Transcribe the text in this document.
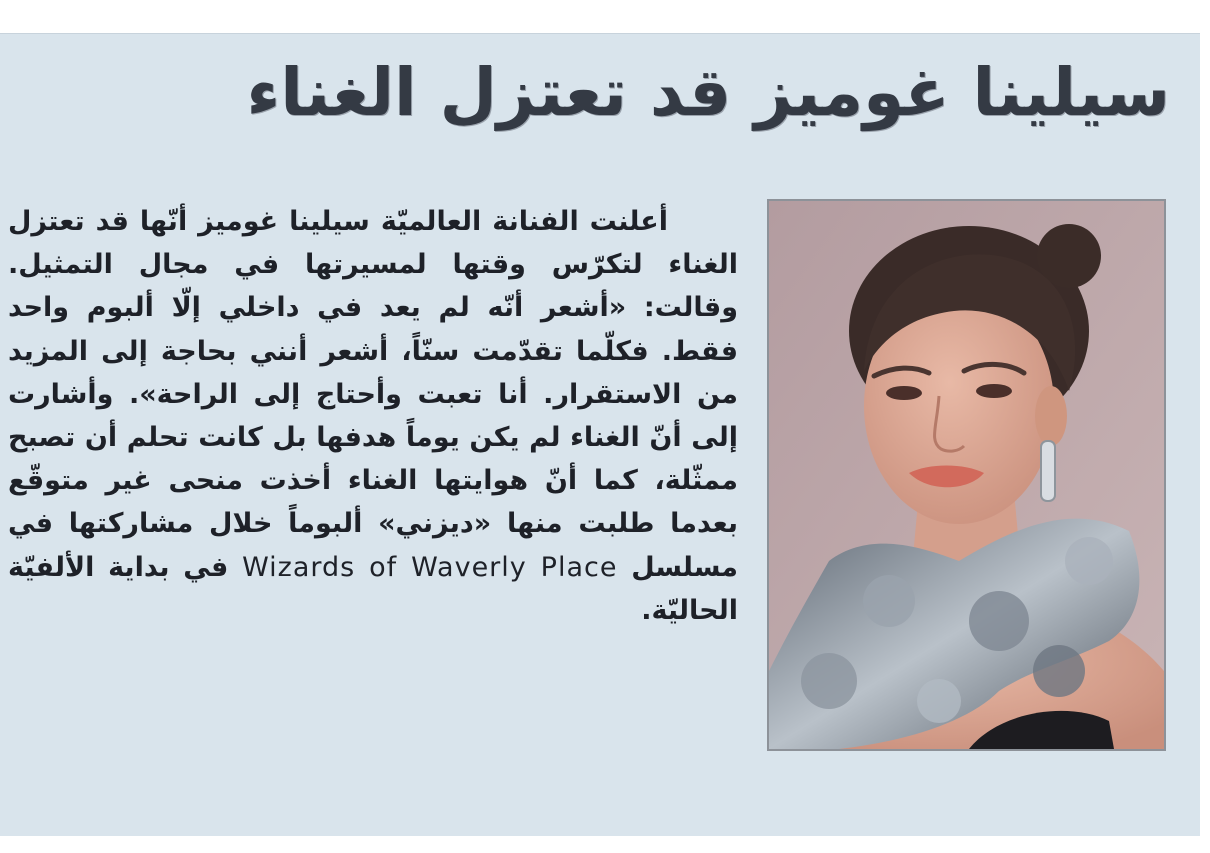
سيلينا غوميز قد تعتزل الغناء

أعلنت الفنانة العالميّة سيلينا غوميز أنّها قد تعتزل الغناء لتكرّس وقتها لمسيرتها في مجال التمثيل. وقالت: «أشعر أنّه لم يعد في داخلي إلّا ألبوم واحد فقط. فكلّما تقدّمت سنّاً، أشعر أنني بحاجة إلى المزيد من الاستقرار. أنا تعبت وأحتاج إلى الراحة». وأشارت إلى أنّ الغناء لم يكن يوماً هدفها بل كانت تحلم أن تصبح ممثّلة، كما أنّ هوايتها الغناء أخذت منحى غير متوقّع بعدما طلبت منها «ديزني» ألبوماً خلال مشاركتها في مسلسل Wizards of Waverly Place في بداية الألفيّة الحاليّة.
